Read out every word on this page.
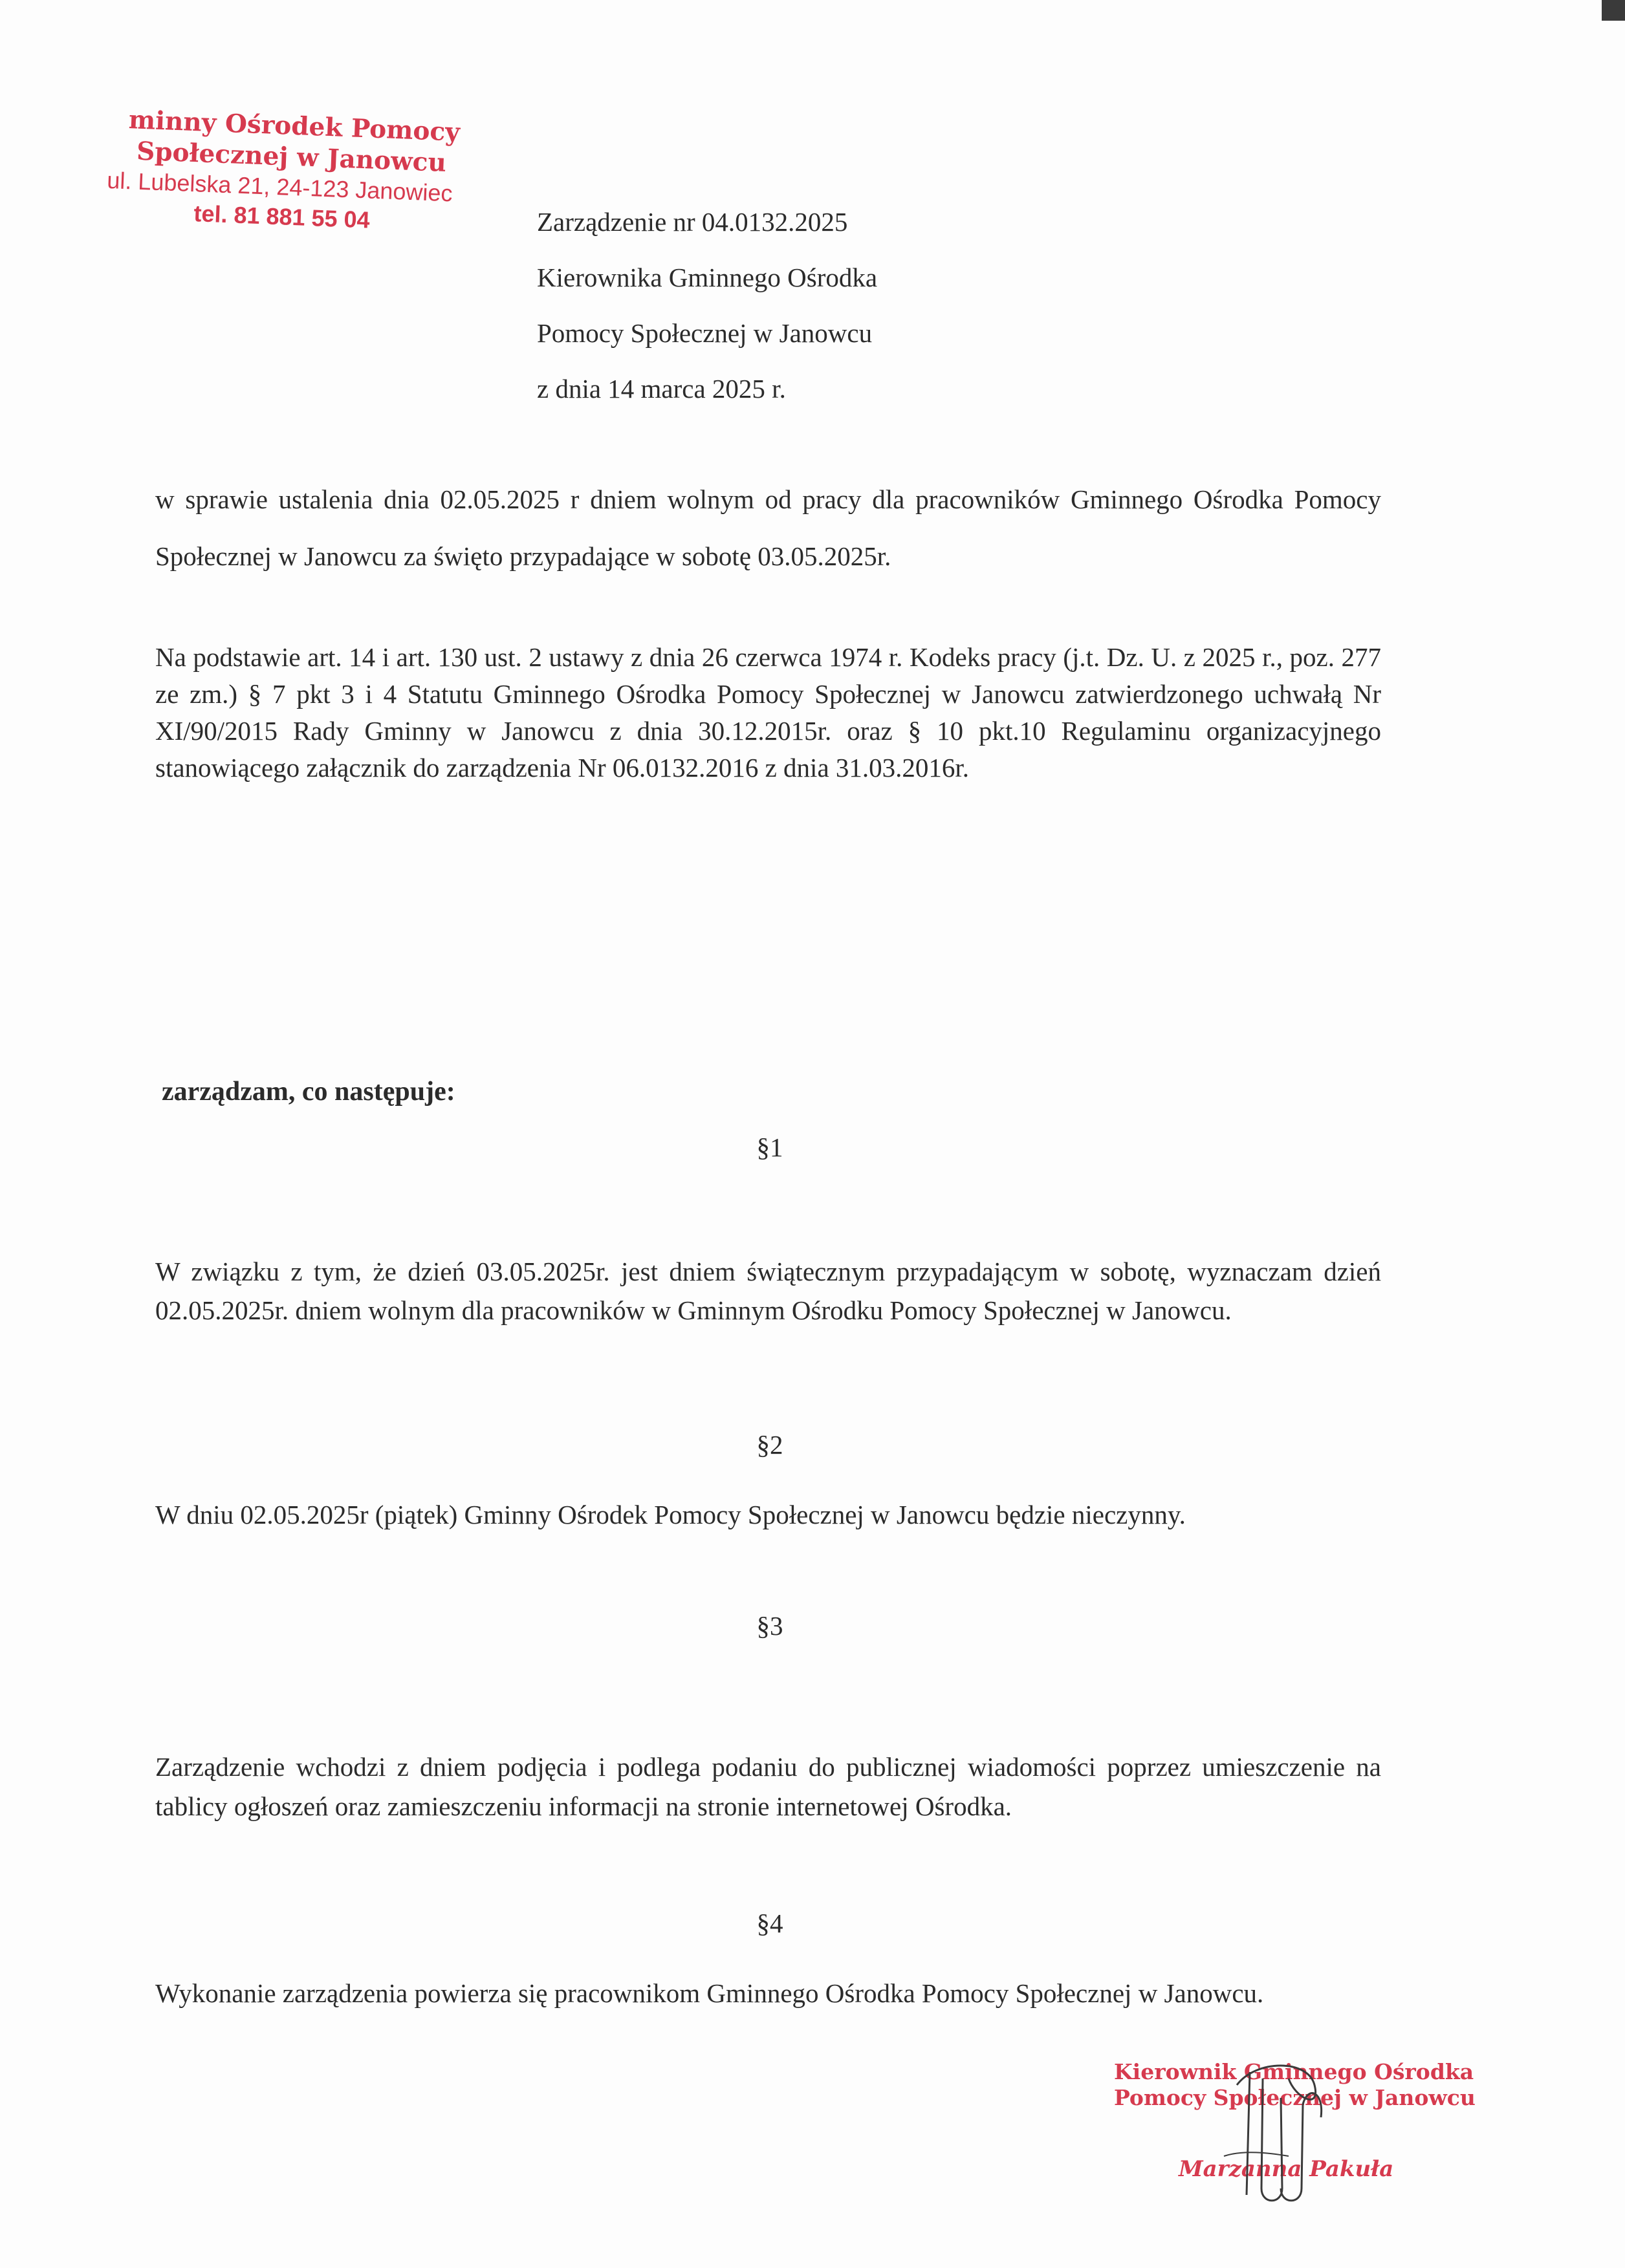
minny Ośrodek Pomocy
Społecznej w Janowcu
ul. Lubelska 21, 24-123 Janowiec
tel. 81 881 55 04	Zarządzenie nr 04.0132.2025
Kierownika Gminnego Ośrodka
Pomocy Społecznej w Janowcu
z dnia 14 marca 2025 r.
w sprawie ustalenia dnia 02.05.2025 r dniem wolnym od pracy dla pracowników Gminnego Ośrodka Pomocy Społecznej w Janowcu za święto przypadające w sobotę 03.05.2025r.
Na podstawie art. 14 i art. 130 ust. 2 ustawy z dnia 26 czerwca 1974 r. Kodeks pracy (j.t. Dz. U. z 2025 r., poz. 277 ze zm.) § 7 pkt 3 i 4 Statutu Gminnego Ośrodka Pomocy Społecznej w Janowcu zatwierdzonego uchwałą Nr XI/90/2015 Rady Gminny w Janowcu z dnia 30.12.2015r. oraz § 10 pkt.10 Regulaminu organizacyjnego stanowiącego załącznik do zarządzenia Nr 06.0132.2016 z dnia 31.03.2016r.
zarządzam, co następuje:
§1
W związku z tym, że dzień 03.05.2025r. jest dniem świątecznym przypadającym w sobotę, wyznaczam dzień 02.05.2025r. dniem wolnym dla pracowników w Gminnym Ośrodku Pomocy Społecznej w Janowcu.
§2
W dniu 02.05.2025r (piątek) Gminny Ośrodek Pomocy Społecznej w Janowcu będzie nieczynny.
§3
Zarządzenie wchodzi z dniem podjęcia i podlega podaniu do publicznej wiadomości poprzez umieszczenie na tablicy ogłoszeń oraz zamieszczeniu informacji na stronie internetowej Ośrodka.
§4
Wykonanie zarządzenia powierza się pracownikom Gminnego Ośrodka Pomocy Społecznej w Janowcu.
Kierownik Gminnego Ośrodka
Pomocy Społecznej w Janowcu
Marzanna Pakuła
